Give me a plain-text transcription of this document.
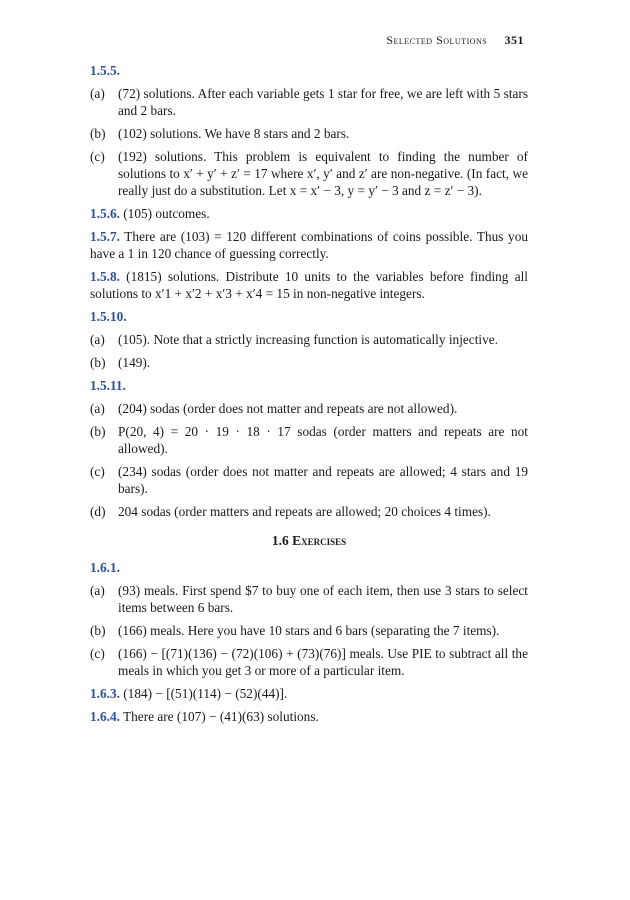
Selected Solutions 351
1.5.5.
(a) (72) solutions. After each variable gets 1 star for free, we are left with 5 stars and 2 bars.
(b) (102) solutions. We have 8 stars and 2 bars.
(c) (192) solutions. This problem is equivalent to finding the number of solutions to x′ + y′ + z′ = 17 where x′, y′ and z′ are non-negative. (In fact, we really just do a substitution. Let x = x′ − 3, y = y′ − 3 and z = z′ − 3).
1.5.6. (105) outcomes.
1.5.7. There are (103) = 120 different combinations of coins possible. Thus you have a 1 in 120 chance of guessing correctly.
1.5.8. (1815) solutions. Distribute 10 units to the variables before finding all solutions to x′1 + x′2 + x′3 + x′4 = 15 in non-negative integers.
1.5.10.
(a) (105). Note that a strictly increasing function is automatically injective.
(b) (149).
1.5.11.
(a) (204) sodas (order does not matter and repeats are not allowed).
(b) P(20, 4) = 20 · 19 · 18 · 17 sodas (order matters and repeats are not allowed).
(c) (234) sodas (order does not matter and repeats are allowed; 4 stars and 19 bars).
(d) 204 sodas (order matters and repeats are allowed; 20 choices 4 times).
1.6 Exercises
1.6.1.
(a) (93) meals. First spend $7 to buy one of each item, then use 3 stars to select items between 6 bars.
(b) (166) meals. Here you have 10 stars and 6 bars (separating the 7 items).
(c) (166) − [(71)(136) − (72)(106) + (73)(76)] meals. Use PIE to subtract all the meals in which you get 3 or more of a particular item.
1.6.3. (184) − [(51)(114) − (52)(44)].
1.6.4. There are (107) − (41)(63) solutions.
